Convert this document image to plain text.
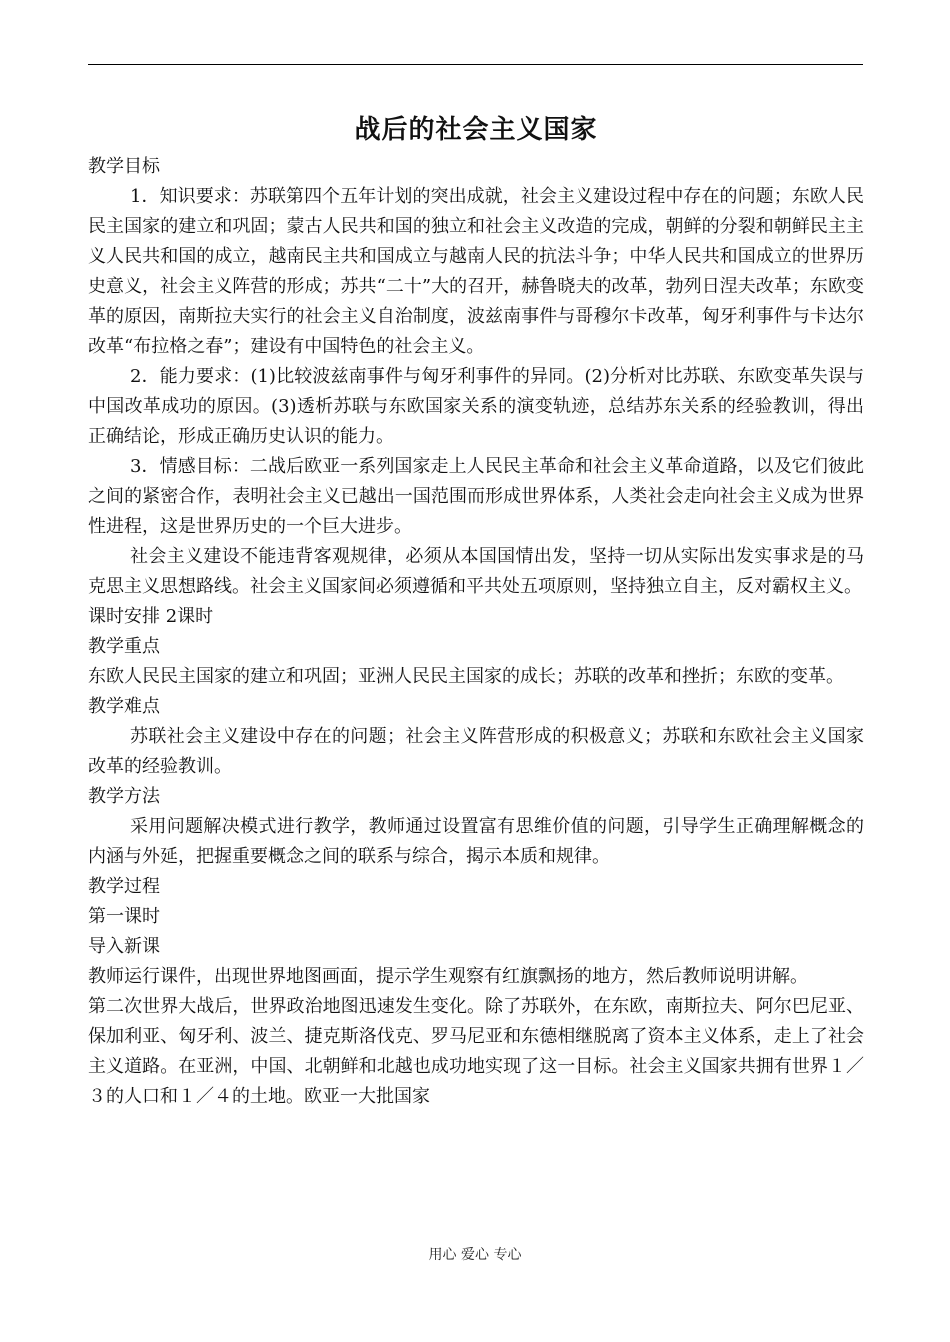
战后的社会主义国家

教学目标

1．知识要求：苏联第四个五年计划的突出成就，社会主义建设过程中存在的问题；东欧人民民主国家的建立和巩固；蒙古人民共和国的独立和社会主义改造的完成，朝鲜的分裂和朝鲜民主主义人民共和国的成立，越南民主共和国成立与越南人民的抗法斗争；中华人民共和国成立的世界历史意义，社会主义阵营的形成；苏共“二十”大的召开，赫鲁晓夫的改革，勃列日涅夫改革；东欧变革的原因，南斯拉夫实行的社会主义自治制度，波兹南事件与哥穆尔卡改革，匈牙利事件与卡达尔改革“布拉格之春”；建设有中国特色的社会主义。

2．能力要求：(1)比较波兹南事件与匈牙利事件的异同。(2)分析对比苏联、东欧变革失误与中国改革成功的原因。(3)透析苏联与东欧国家关系的演变轨迹，总结苏东关系的经验教训，得出正确结论，形成正确历史认识的能力。

3．情感目标：二战后欧亚一系列国家走上人民民主革命和社会主义革命道路，以及它们彼此之间的紧密合作，表明社会主义已越出一国范围而形成世界体系，人类社会走向社会主义成为世界性进程，这是世界历史的一个巨大进步。

社会主义建设不能违背客观规律，必须从本国国情出发，坚持一切从实际出发实事求是的马克思主义思想路线。社会主义国家间必须遵循和平共处五项原则，坚持独立自主，反对霸权主义。

课时安排 2课时

教学重点

东欧人民民主国家的建立和巩固；亚洲人民民主国家的成长；苏联的改革和挫折；东欧的变革。

教学难点

苏联社会主义建设中存在的问题；社会主义阵营形成的积极意义；苏联和东欧社会主义国家改革的经验教训。

教学方法

采用问题解决模式进行教学，教师通过设置富有思维价值的问题，引导学生正确理解概念的内涵与外延，把握重要概念之间的联系与综合，揭示本质和规律。

教学过程

第一课时

导入新课

教师运行课件，出现世界地图画面，提示学生观察有红旗飘扬的地方，然后教师说明讲解。

第二次世界大战后，世界政治地图迅速发生变化。除了苏联外，在东欧，南斯拉夫、阿尔巴尼亚、保加利亚、匈牙利、波兰、捷克斯洛伐克、罗马尼亚和东德相继脱离了资本主义体系，走上了社会主义道路。在亚洲，中国、北朝鲜和北越也成功地实现了这一目标。社会主义国家共拥有世界１／３的人口和１／４的土地。欧亚一大批国家

用心 爱心 专心
